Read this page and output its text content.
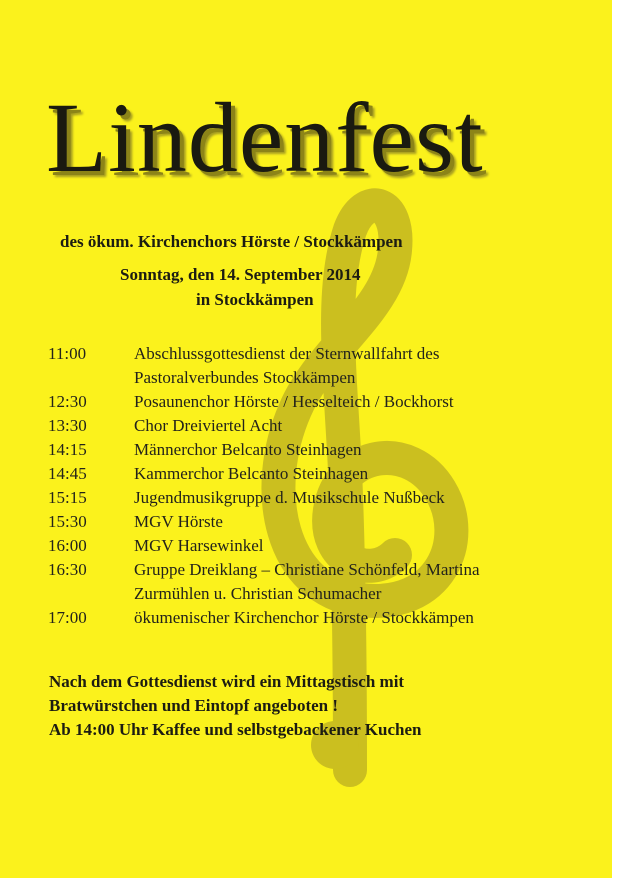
Lindenfest

des ökum. Kirchenchors Hörste / Stockkämpen

Sonntag, den 14. September 2014

in Stockkämpen

11:00	Abschlussgottesdienst der Sternwallfahrt des
Pastoralverbundes Stockkämpen
12:30	Posaunenchor Hörste / Hesselteich / Bockhorst
13:30	Chor Dreiviertel Acht
14:15	Männerchor Belcanto Steinhagen
14:45	Kammerchor Belcanto Steinhagen
15:15	Jugendmusikgruppe d. Musikschule Nußbeck
15:30	MGV Hörste
16:00	MGV Harsewinkel
16:30	Gruppe Dreiklang – Christiane Schönfeld, Martina
Zurmühlen u. Christian Schumacher
17:00	ökumenischer Kirchenchor Hörste / Stockkämpen

Nach dem Gottesdienst wird ein Mittagstisch mit

Bratwürstchen und Eintopf angeboten !

Ab 14:00 Uhr Kaffee und selbstgebackener Kuchen
